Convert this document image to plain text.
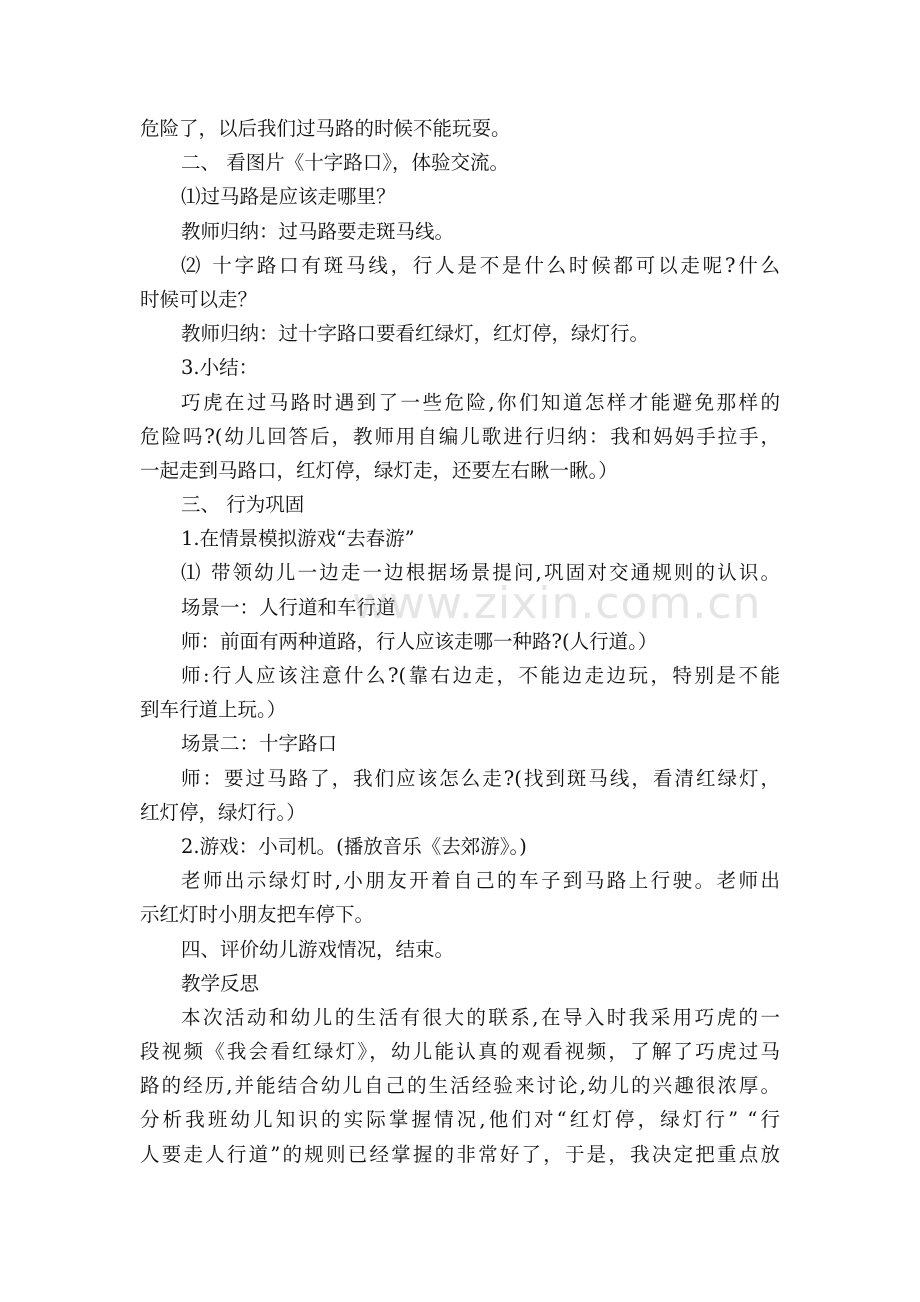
危险了，以后我们过马路的时候不能玩耍。
二、 看图片《十字路口》，体验交流。
⑴过马路是应该走哪里？
教师归纳：过马路要走斑马线。
⑵ 十字路口有斑马线，行人是不是什么时候都可以走呢?什么
时候可以走？
教师归纳：过十字路口要看红绿灯，红灯停，绿灯行。
3.小结：
巧虎在过马路时遇到了一些危险,你们知道怎样才能避免那样的
危险吗?(幼儿回答后，教师用自编儿歌进行归纳：我和妈妈手拉手，
一起走到马路口，红灯停，绿灯走，还要左右瞅一瞅。）
三、 行为巩固
1.在情景模拟游戏“去春游”
⑴ 带领幼儿一边走一边根据场景提问,巩固对交通规则的认识。
场景一：人行道和车行道
师：前面有两种道路，行人应该走哪一种路?(人行道。）
师:行人应该注意什么?(靠右边走，不能边走边玩，特别是不能
到车行道上玩。）
场景二：十字路口
师：要过马路了，我们应该怎么走?(找到斑马线，看清红绿灯，
红灯停，绿灯行。）
2.游戏：小司机。(播放音乐《去郊游》。)
老师出示绿灯时,小朋友开着自己的车子到马路上行驶。老师出
示红灯时小朋友把车停下。
四、评价幼儿游戏情况，结束。
教学反思
本次活动和幼儿的生活有很大的联系,在导入时我采用巧虎的一
段视频《我会看红绿灯》，幼儿能认真的观看视频，了解了巧虎过马
路的经历,并能结合幼儿自己的生活经验来讨论,幼儿的兴趣很浓厚。
分析我班幼儿知识的实际掌握情况,他们对“红灯停，绿灯行” “行
人要走人行道”的规则已经掌握的非常好了，于是，我决定把重点放
www.zixin.com.cn
